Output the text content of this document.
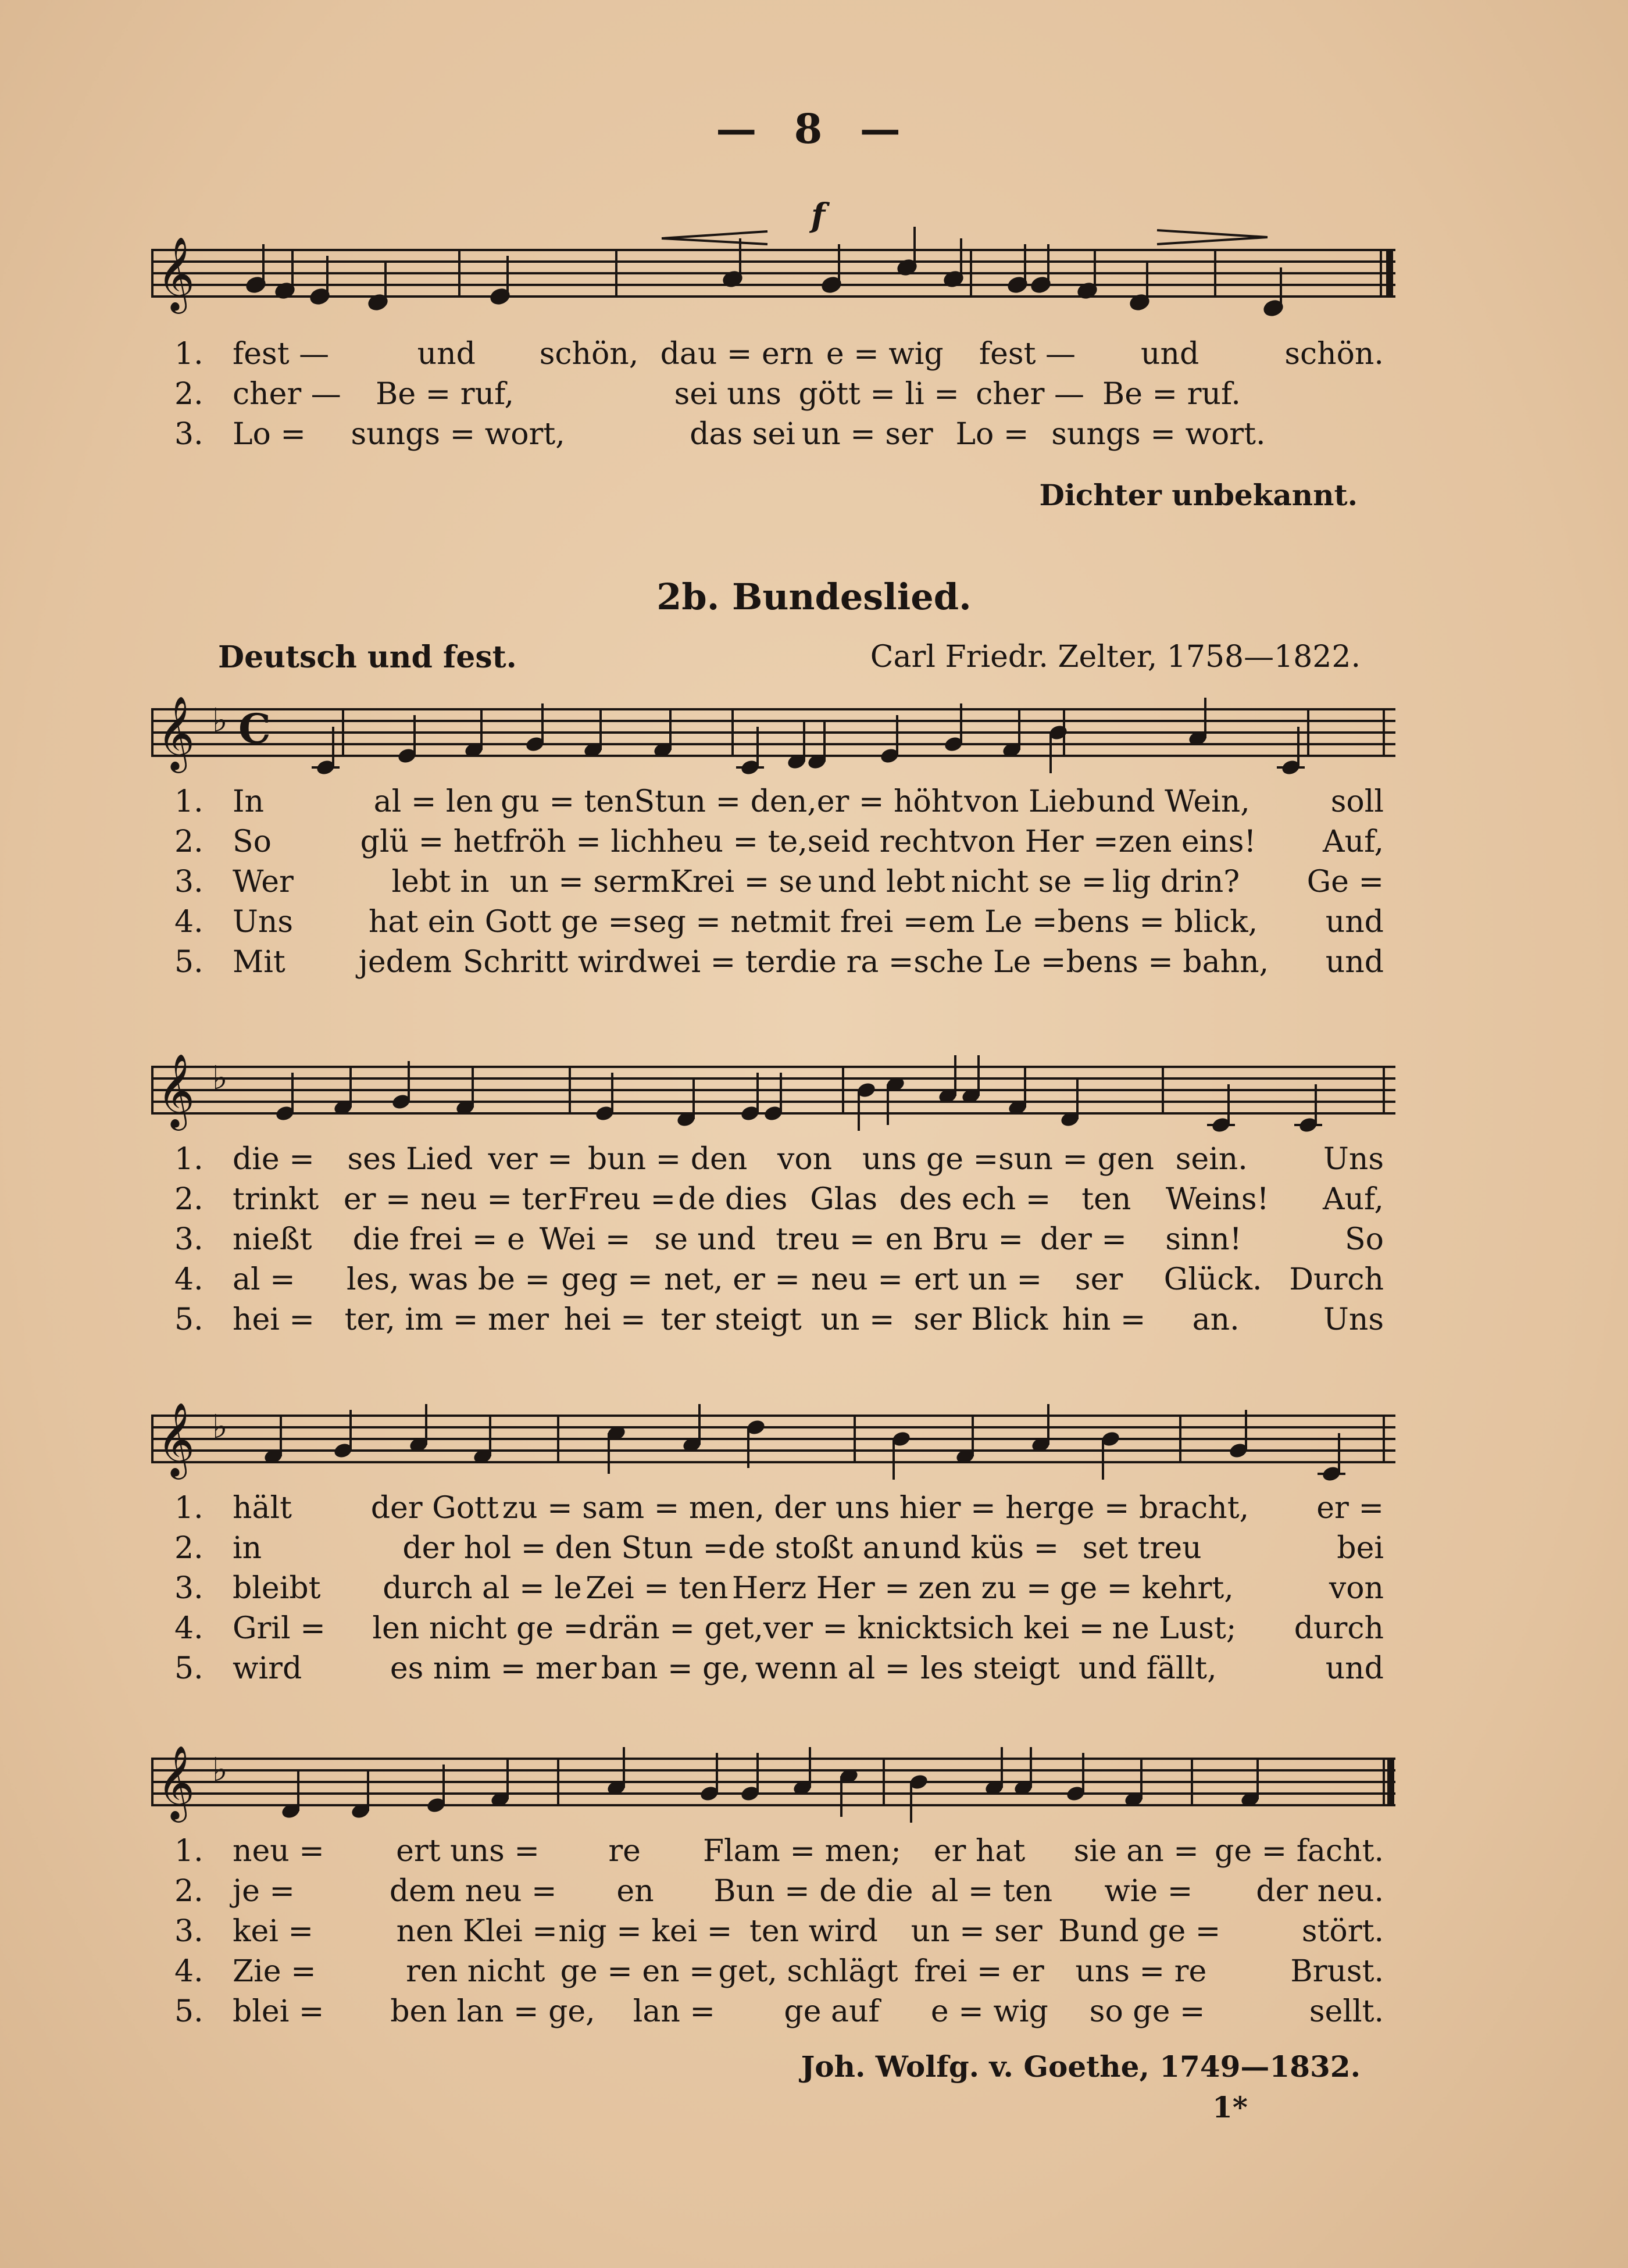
— 8 —
𝄞
f
1. fest —	und	schön, dau = ern e = wig	fest —	und	schön.
2. cher —	Be = ruf,	sei uns gött = li = cher — Be = ruf.
3. Lo =	sungs = wort,	das sei un = ser Lo = sungs = wort.
Dichter unbekannt.
2b. Bundeslied.
Deutsch und fest.	Carl Friedr. Zelter, 1758—1822.
𝄞 ♭ C
1. In	al = len gu = ten Stun = den, er = höht von Lieb und Wein,	soll
2. So	glü = het fröh = lich heu = te, seid recht von Her = zen eins!	Auf,
3. Wer	lebt in un = serm Krei = se und lebt nicht se = lig drin?	Ge =
4. Uns	hat ein Gott ge = seg = net mit frei = em Le = bens = blick,	und
5. Mit	jedem Schritt wird wei = ter die ra = sche Le = bens = bahn,	und
𝄞 ♭
1. die =	ses Lied ver = bun = den von uns ge = sun = gen sein.	Uns
2. trinkt er = neu = ter Freu = de dies Glas des ech =	ten	Weins!	Auf,
3. nießt	die frei = e Wei = se und treu = en Bru = der =	sinn!	So
4. al =	les, was be = geg = net, er = neu = ert un =	ser	Glück. Durch
5. hei = ter, im = mer hei = ter steigt un = ser Blick hin =	an.	Uns
𝄞 ♭
1. hält	der Gott zu = sam = men, der uns hier = her ge = bracht,	er =
2. in	der hol = den Stun = de stoßt an und küs = set treu	bei
3. bleibt	durch al = le Zei = ten Herz Her = zen zu = ge = kehrt,	von
4. Gril =	len nicht ge = drän = get, ver = knickt sich kei = ne Lust;	durch
5. wird	es nim = mer ban = ge, wenn al = les steigt und fällt,	und
𝄞 ♭
1. neu =	ert uns =	re	Flam = men;	er hat	sie an = ge = facht.
2. je =	dem neu =	en	Bun = de die al = ten	wie =	der neu.
3. kei =	nen Klei = nig = kei = ten wird	un = ser Bund ge =	stört.
4. Zie =	ren nicht ge = en = get, schlägt frei = er	uns = re	Brust.
5. blei =	ben lan = ge,	lan =	ge auf	e = wig	so ge =	sellt.
Joh. Wolfg. v. Goethe, 1749—1832.
1*
